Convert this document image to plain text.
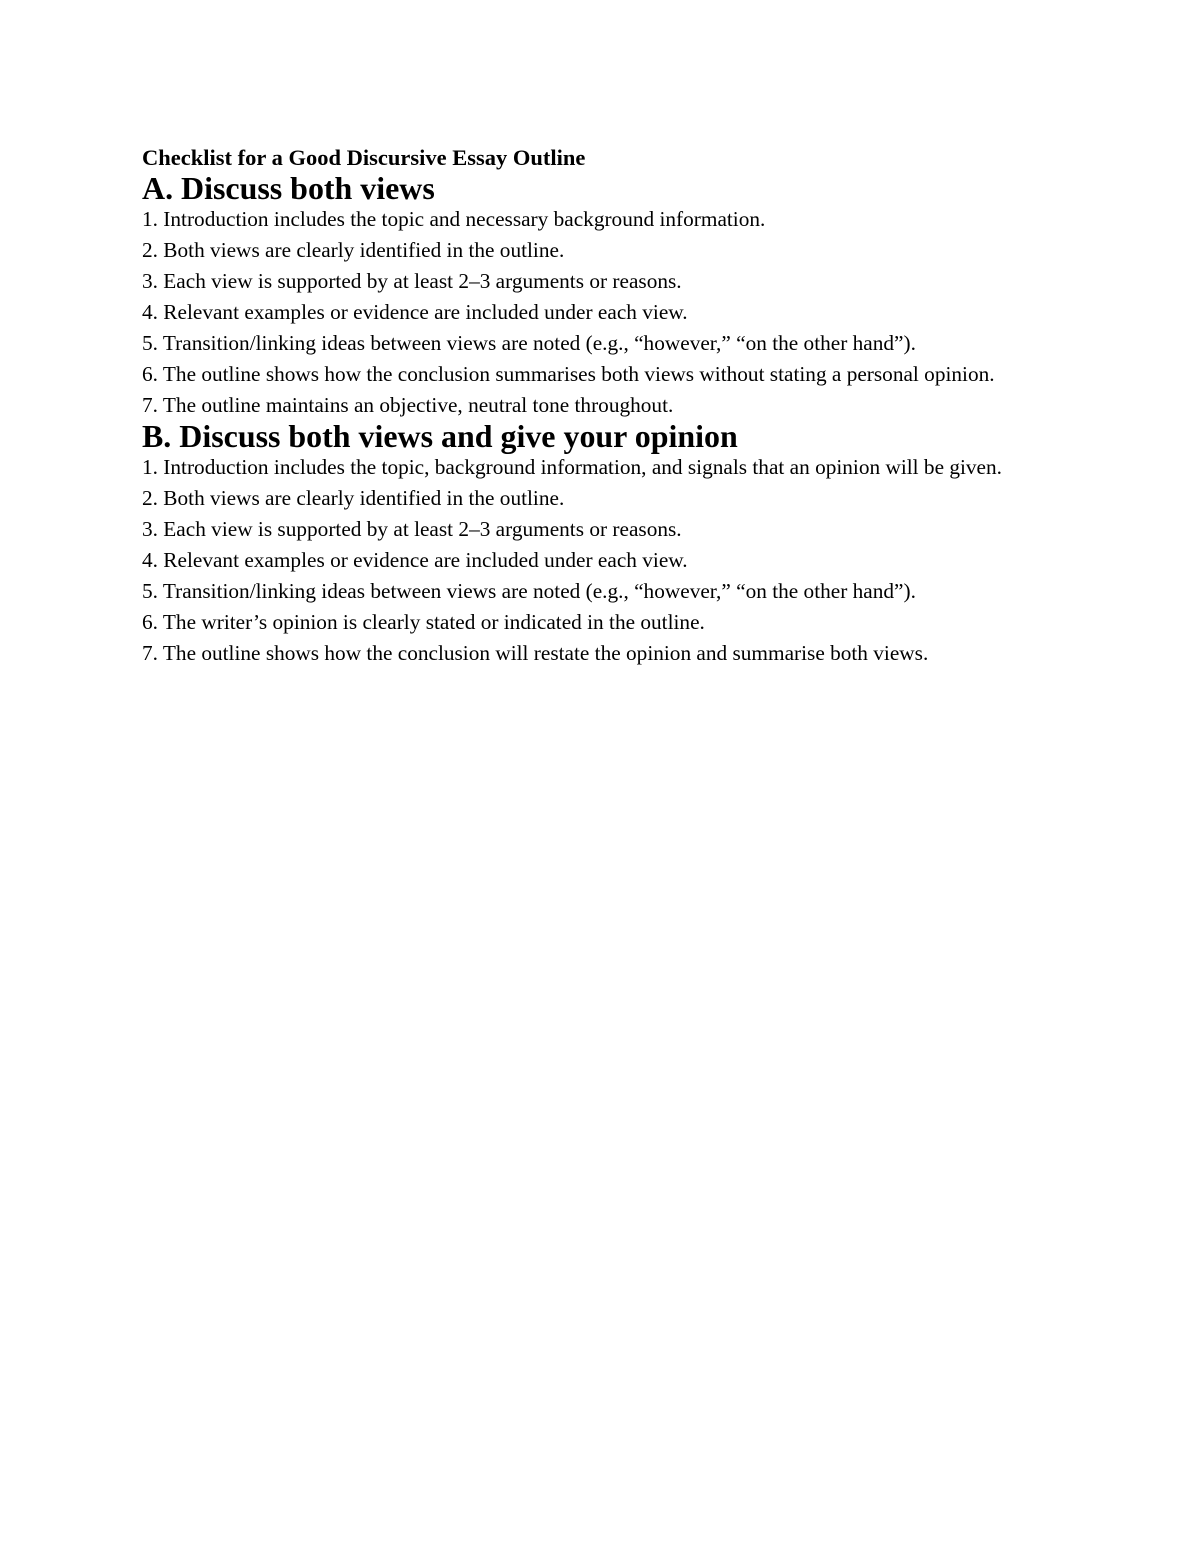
Checklist for a Good Discursive Essay Outline
A. Discuss both views
1. Introduction includes the topic and necessary background information.
2. Both views are clearly identified in the outline.
3. Each view is supported by at least 2–3 arguments or reasons.
4. Relevant examples or evidence are included under each view.
5. Transition/linking ideas between views are noted (e.g., “however,” “on the other hand”).
6. The outline shows how the conclusion summarises both views without stating a personal opinion.
7. The outline maintains an objective, neutral tone throughout.
B. Discuss both views and give your opinion
1. Introduction includes the topic, background information, and signals that an opinion will be given.
2. Both views are clearly identified in the outline.
3. Each view is supported by at least 2–3 arguments or reasons.
4. Relevant examples or evidence are included under each view.
5. Transition/linking ideas between views are noted (e.g., “however,” “on the other hand”).
6. The writer’s opinion is clearly stated or indicated in the outline.
7. The outline shows how the conclusion will restate the opinion and summarise both views.
